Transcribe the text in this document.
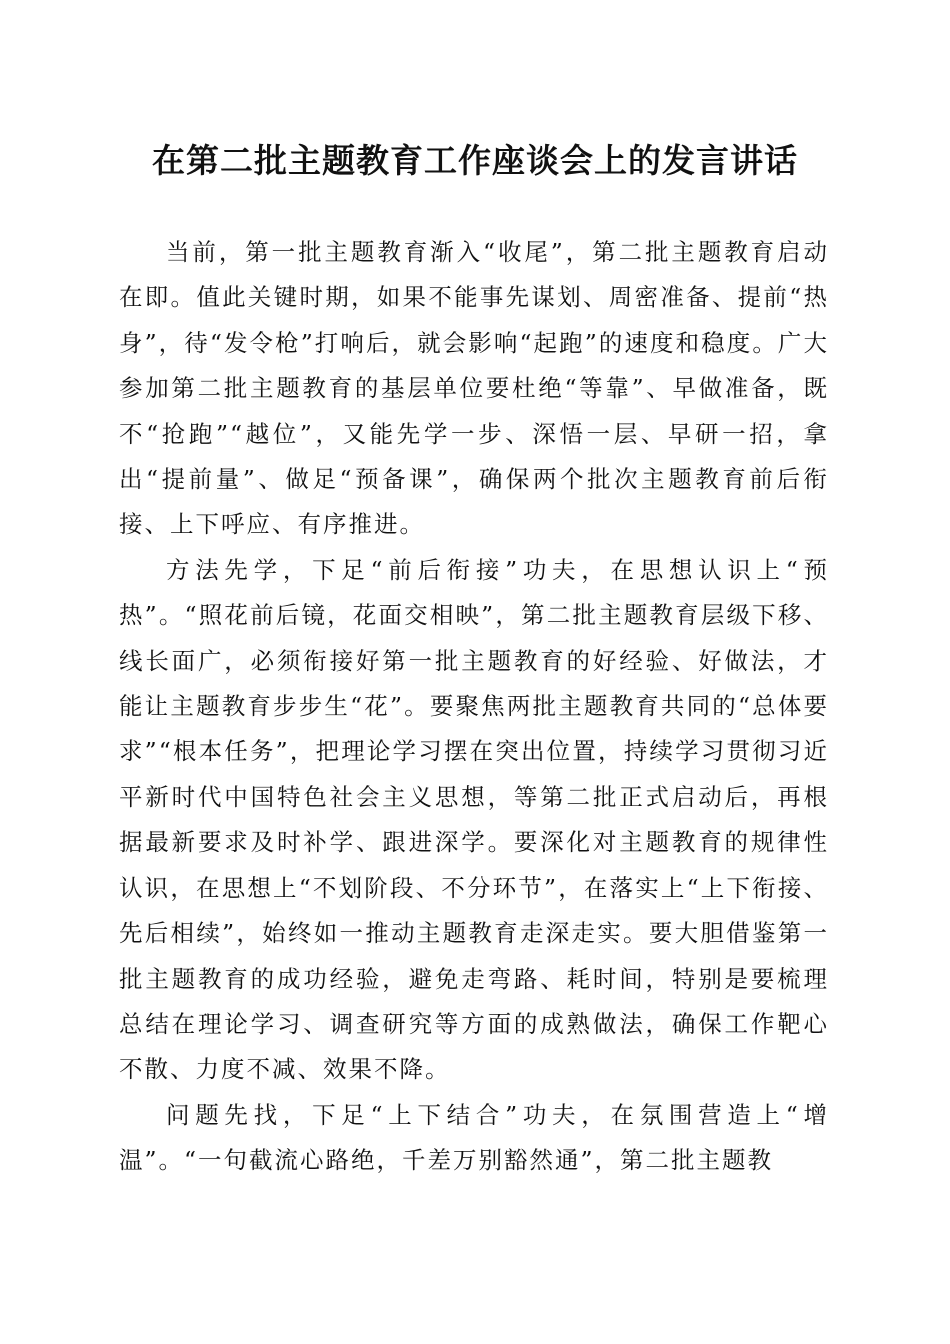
在第二批主题教育工作座谈会上的发言讲话

当前，第一批主题教育渐入“收尾”，第二批主题教育启动在即。值此关键时期，如果不能事先谋划、周密准备、提前“热身”，待“发令枪”打响后，就会影响“起跑”的速度和稳度。广大参加第二批主题教育的基层单位要杜绝“等靠”、早做准备，既不“抢跑”“越位”，又能先学一步、深悟一层、早研一招，拿出“提前量”、做足“预备课”，确保两个批次主题教育前后衔接、上下呼应、有序推进。

方法先学，下足“前后衔接”功夫，在思想认识上“预热”。“照花前后镜，花面交相映”，第二批主题教育层级下移、线长面广，必须衔接好第一批主题教育的好经验、好做法，才能让主题教育步步生“花”。要聚焦两批主题教育共同的“总体要求”“根本任务”，把理论学习摆在突出位置，持续学习贯彻习近平新时代中国特色社会主义思想，等第二批正式启动后，再根据最新要求及时补学、跟进深学。要深化对主题教育的规律性认识，在思想上“不划阶段、不分环节”，在落实上“上下衔接、先后相续”，始终如一推动主题教育走深走实。要大胆借鉴第一批主题教育的成功经验，避免走弯路、耗时间，特别是要梳理总结在理论学习、调查研究等方面的成熟做法，确保工作靶心不散、力度不减、效果不降。

问题先找，下足“上下结合”功夫，在氛围营造上“增温”。“一句截流心路绝，千差万别豁然通”，第二批主题教
